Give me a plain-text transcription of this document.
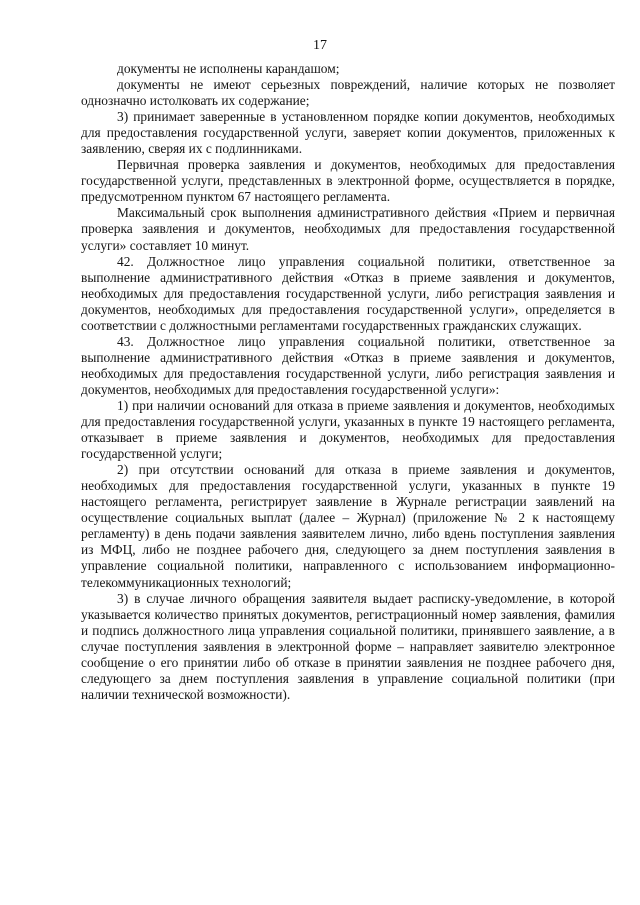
17

документы не исполнены карандашом;

документы не имеют серьезных повреждений, наличие которых не позволяет однозначно истолковать их содержание;

3) принимает заверенные в установленном порядке копии документов, необходимых для предоставления государственной услуги, заверяет копии документов, приложенных к заявлению, сверяя их с подлинниками.

Первичная проверка заявления и документов, необходимых для предоставления государственной услуги, представленных в электронной форме, осуществляется в порядке, предусмотренном пунктом 67 настоящего регламента.

Максимальный срок выполнения административного действия «Прием и первичная проверка заявления и документов, необходимых для предоставления государственной услуги» составляет 10 минут.

42. Должностное лицо управления социальной политики, ответственное за выполнение административного действия «Отказ в приеме заявления и документов, необходимых для предоставления государственной услуги, либо регистрация заявления и документов, необходимых для предоставления государственной услуги», определяется в соответствии с должностными регламентами государственных гражданских служащих.

43. Должностное лицо управления социальной политики, ответственное за выполнение административного действия «Отказ в приеме заявления и документов, необходимых для предоставления государственной услуги, либо регистрация заявления и документов, необходимых для предоставления государственной услуги»:

1) при наличии оснований для отказа в приеме заявления и документов, необходимых для предоставления государственной услуги, указанных в пункте 19 настоящего регламента, отказывает в приеме заявления и документов, необходимых для предоставления государственной услуги;

2) при отсутствии оснований для отказа в приеме заявления и документов, необходимых для предоставления государственной услуги, указанных в пункте 19 настоящего регламента, регистрирует заявление в Журнале регистрации заявлений на осуществление социальных выплат (далее – Журнал) (приложение № 2 к настоящему регламенту) в день подачи заявления заявителем лично, либо вдень поступления заявления из МФЦ, либо не позднее рабочего дня, следующего за днем поступления заявления в управление социальной политики, направленного с использованием информационно-телекоммуникационных технологий;

3) в случае личного обращения заявителя выдает расписку-уведомление, в которой указывается количество принятых документов, регистрационный номер заявления, фамилия и подпись должностного лица управления социальной политики, принявшего заявление, а в случае поступления заявления в электронной форме – направляет заявителю электронное сообщение о его принятии либо об отказе в принятии заявления не позднее рабочего дня, следующего за днем поступления заявления в управление социальной политики (при наличии технической возможности).
